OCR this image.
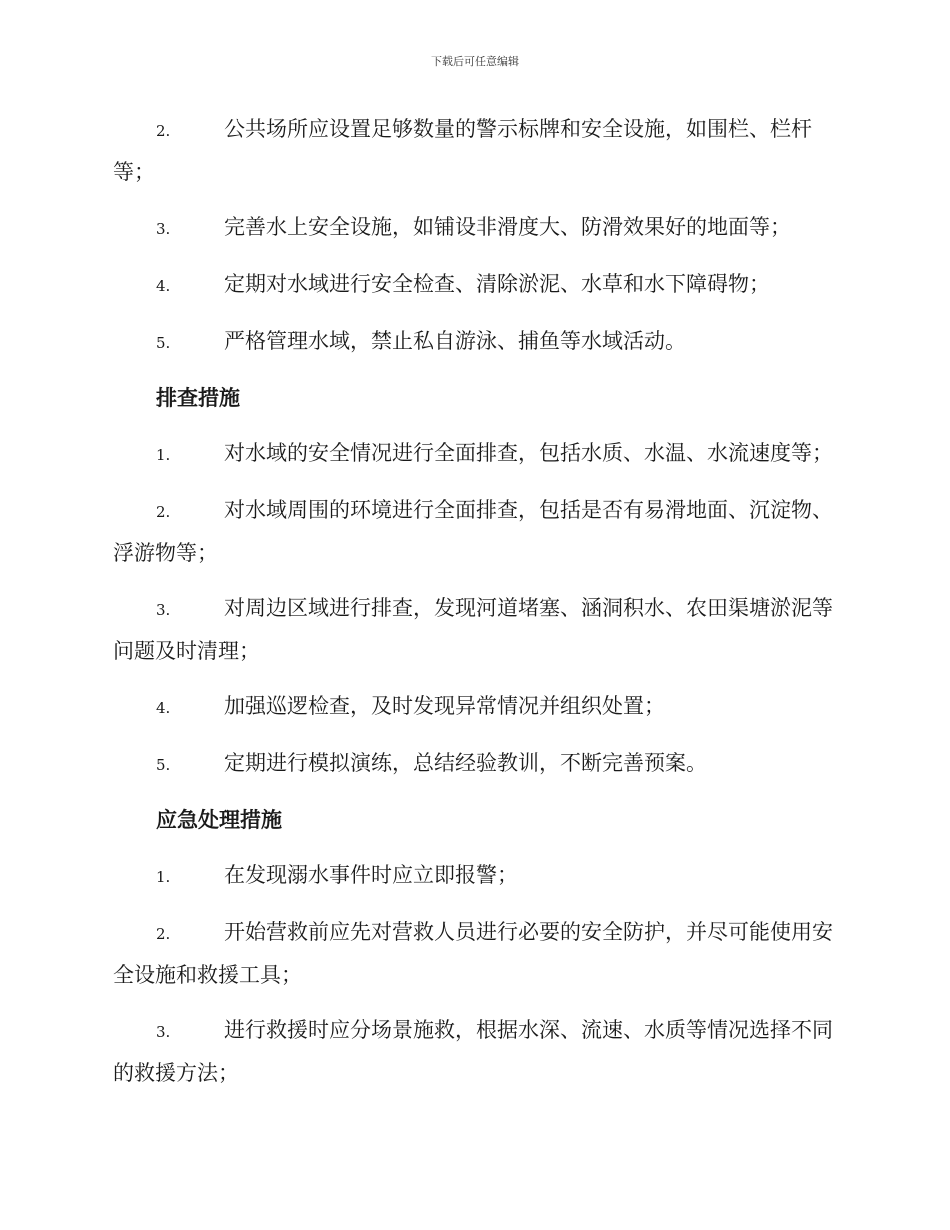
下载后可任意编辑

2.	公共场所应设置足够数量的警示标牌和安全设施，如围栏、栏杆等；

3.	完善水上安全设施，如铺设非滑度大、防滑效果好的地面等；

4.	定期对水域进行安全检查、清除淤泥、水草和水下障碍物；

5.	严格管理水域，禁止私自游泳、捕鱼等水域活动。

排查措施

1.	对水域的安全情况进行全面排查，包括水质、水温、水流速度等；

2.	对水域周围的环境进行全面排查，包括是否有易滑地面、沉淀物、浮游物等；

3.	对周边区域进行排查，发现河道堵塞、涵洞积水、农田渠塘淤泥等问题及时清理；

4.	加强巡逻检查，及时发现异常情况并组织处置；

5.	定期进行模拟演练，总结经验教训，不断完善预案。

应急处理措施

1.	在发现溺水事件时应立即报警；

2.	开始营救前应先对营救人员进行必要的安全防护，并尽可能使用安全设施和救援工具；

3.	进行救援时应分场景施救，根据水深、流速、水质等情况选择不同的救援方法；
